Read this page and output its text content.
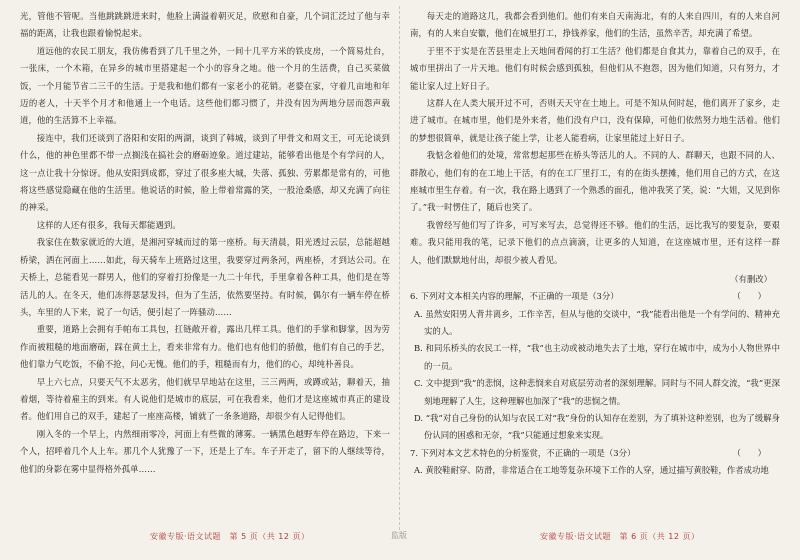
光，管他不管呢。当他跳跳跳进来时，他脸上满溢着朝灭足，欣慰和自豪，几个词汇泛过了他与幸福的距离，让我也跟着愉悦起来。

道远他的农民工朋友，我仿佛看到了几千里之外，一间十几平方米的铁皮房，一个简易灶台，一张床，一个木箱，在异乡的城市里搭建起一个小的容身之地。他一个月的生活费，自己买菜做饭，一个月能节省二三千的生活。于是我和他们都有一家老小的花销。老婆在家，守着几亩地和年迈的老人，十天半个月才和他通上一个电话。这些他们都习惯了，并没有因为两地分居而怨声载道，他的生活算不上幸福。

接连中，我们还谈到了洛阳和安阳的两湖，谈到了韩城，谈到了甲骨文和周文王，可无论谈到什么，他的神色里都不带一点搁浅在搞社会的磨砺迹象。道过建站，能够看出他是个有学问的人，这一点让我十分惊讶。他从安阳到成都，穿过了很多座大城，失落、孤独、劳累都是常有的，可他将这些感觉隐藏在他的生活里。他说话的时候，脸上带着常露的笑，一股沧桑感，却又充满了向往的神采。

这样的人还有很多，我每天都能遇到。

我家住在数家就近的大道，是湘河穿城而过的第一座桥。每天清晨，阳光透过云层，总能超越桥梁，洒在河面上……如此，每天骑车上班路过这里，我要穿过两条河，两座桥，才到达公司。在天桥上，总能看见一群男人，他们的穿着打扮像是一九二十年代，手里拿着各种工具，他们是在等活儿的人。在冬天，他们冻得瑟瑟发抖，但为了生活，依然要坚持。有时候，偶尔有一辆车停在桥头，车里的人下来，说了一句话，便引起了一阵骚动……

重要，道路上会拥有手帕布工具包，扛链敞开着，露出几样工具。他们的手掌和脚掌，因为劳作而被粗糙的地面磨砺，踩在黄土上，看来非常有力。他们也有他们的骄傲，他们有自己的手艺，他们靠力气吃饭，不偷不抢，问心无愧。他们的手，粗糙而有力，他们的心，却纯朴善良。

早上六七点，只要天气不太恶劣，他们就早早地站在这里，三三两两，或蹲或站，聊着天，抽着烟，等待着雇主的到来。有人说他们是城市的底层，可在我看来，他们才是这座城市真正的建设者。他们用自己的双手，建起了一座座高楼，铺就了一条条道路，却很少有人记得他们。

刚入冬的一个早上，内然细雨零冷，河面上有些微的薄雾。一辆黑色越野车停在路边，下来一个人，招呼着几个人上车。那几个人犹豫了一下，还是上了车。车子开走了，留下的人继续等待，他们的身影在雾中显得格外孤单……

每天走的道路这几，我都会看到他们。他们有来自天南海北，有的人来自四川，有的人来自河南，有的人来自安徽，他们在城里打工，挣钱养家，他们的生活，虽然辛苦，却充满了希望。

于里不于实是在苦县里走上天地间看闻的打工生活？他们都是自食其力，靠着自己的双手，在城市里拼出了一片天地。他们有时候会感到孤独，但他们从不抱怨，因为他们知道，只有努力，才能让家人过上好日子。

这群人在人类大展开过不可，否则天天守在土地上。可是不知从何时起，他们离开了家乡，走进了城市。在城市里，他们是外来者，他们没有户口，没有保障，可他们依然努力地生活着。他们的梦想很简单，就是让孩子能上学，让老人能看病，让家里能过上好日子。

我惦念着他们的处境，常常想起那些在桥头等活儿的人。不同的人、群聊天，也跟不同的人、群散心，他们有的在工地上干活，有的在工厂里打工，有的在街头摆摊，他们用自己的方式，在这座城市里生存着。有一次，我在路上遇到了一个熟悉的面孔，他冲我笑了笑，说：“大姐，又见到你了。”我一时愣住了，随后也笑了。

我曾经写他们写了许多，可写来写去，总觉得还不够。他们的生活，远比我写的要复杂，要艰难。我只能用我的笔，记录下他们的点点滴滴，让更多的人知道，在这座城市里，还有这样一群人，他们默默地付出，却很少被人看见。

（有删改）

6. 下列对文本相关内容的理解，不正确的一项是（3分）	（　　）

A. 虽然安阳男人背井离乡，工作辛苦，但从与他的交谈中，“我”能看出他是一个有学问的、精神充实的人。

B. 和同乐桥头的农民工一样，“我”也主动或被动地失去了土地，穿行在城市中，成为小人物世界中的一员。

C. 文中提到“我”的悲悯，这种悲悯来自对底层劳动者的深刻理解。同时与不同人群交流，“我”更深刻地理解了人生，这种理解也加深了“我”的悲悯之情。

D. “我”对自己身份的认知与农民工对“我”身份的认知存在差别，为了填补这种差别，也为了缓解身份认同的困惑和无奈，“我”只能通过想象来实现。

7. 下列对本文艺术特色的分析鉴赏，不正确的一项是（3分）	（　　）

A. 黄胶鞋耐穿、防滑，非常适合在工地等复杂环境下工作的人穿，通过描写黄胶鞋，作者成功地

安徽专版·语文试题　第 5 页（共 12 页）	监版	安徽专版·语文试题　第 6 页（共 12 页）
